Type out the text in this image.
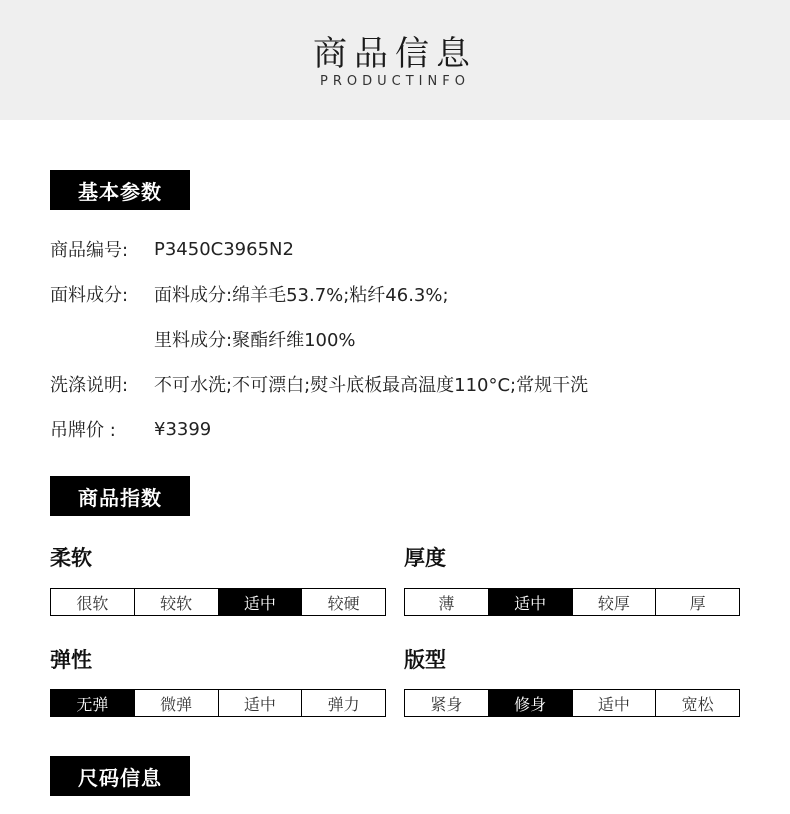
商品信息
PRODUCTINFO
基本参数
商品编号:	P3450C3965N2
面料成分:	面料成分:绵羊毛53.7%;粘纤46.3%;
里料成分:聚酯纤维100%
洗涤说明:	不可水洗;不可漂白;熨斗底板最高温度110°C;常规干洗
吊牌价 :	¥3399
商品指数
柔软
很软	较软	适中	较硬
厚度
薄	适中	较厚	厚
弹性
无弹	微弹	适中	弹力
版型
紧身	修身	适中	宽松
尺码信息
